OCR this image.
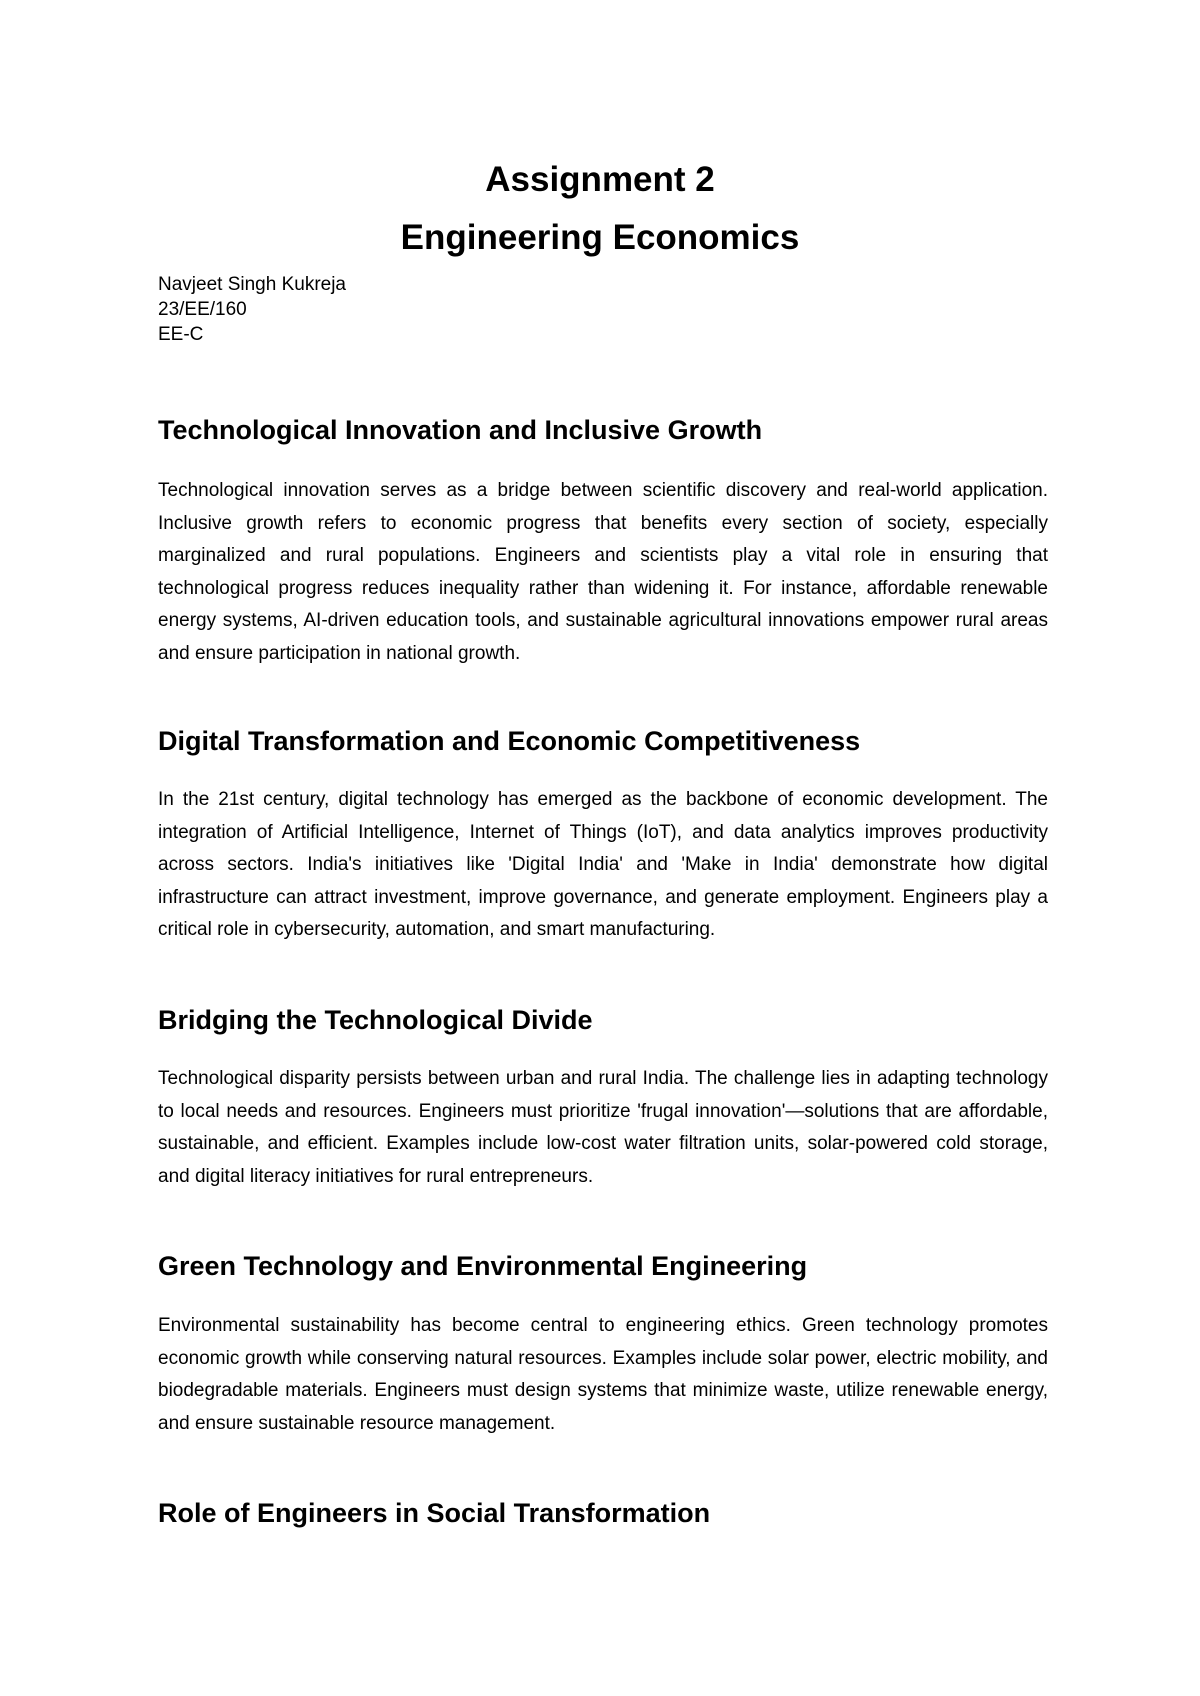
Assignment 2
Engineering Economics
Navjeet Singh Kukreja
23/EE/160
EE-C
Technological Innovation and Inclusive Growth

Technological innovation serves as a bridge between scientific discovery and real-world application. Inclusive growth refers to economic progress that benefits every section of society, especially marginalized and rural populations. Engineers and scientists play a vital role in ensuring that technological progress reduces inequality rather than widening it. For instance, affordable renewable energy systems, AI-driven education tools, and sustainable agricultural innovations empower rural areas and ensure participation in national growth.

Digital Transformation and Economic Competitiveness

In the 21st century, digital technology has emerged as the backbone of economic development. The integration of Artificial Intelligence, Internet of Things (IoT), and data analytics improves productivity across sectors. India's initiatives like 'Digital India' and 'Make in India' demonstrate how digital infrastructure can attract investment, improve governance, and generate employment. Engineers play a critical role in cybersecurity, automation, and smart manufacturing.

Bridging the Technological Divide

Technological disparity persists between urban and rural India. The challenge lies in adapting technology to local needs and resources. Engineers must prioritize 'frugal innovation'—solutions that are affordable, sustainable, and efficient. Examples include low-cost water filtration units, solar-powered cold storage, and digital literacy initiatives for rural entrepreneurs.

Green Technology and Environmental Engineering

Environmental sustainability has become central to engineering ethics. Green technology promotes economic growth while conserving natural resources. Examples include solar power, electric mobility, and biodegradable materials. Engineers must design systems that minimize waste, utilize renewable energy, and ensure sustainable resource management.

Role of Engineers in Social Transformation
